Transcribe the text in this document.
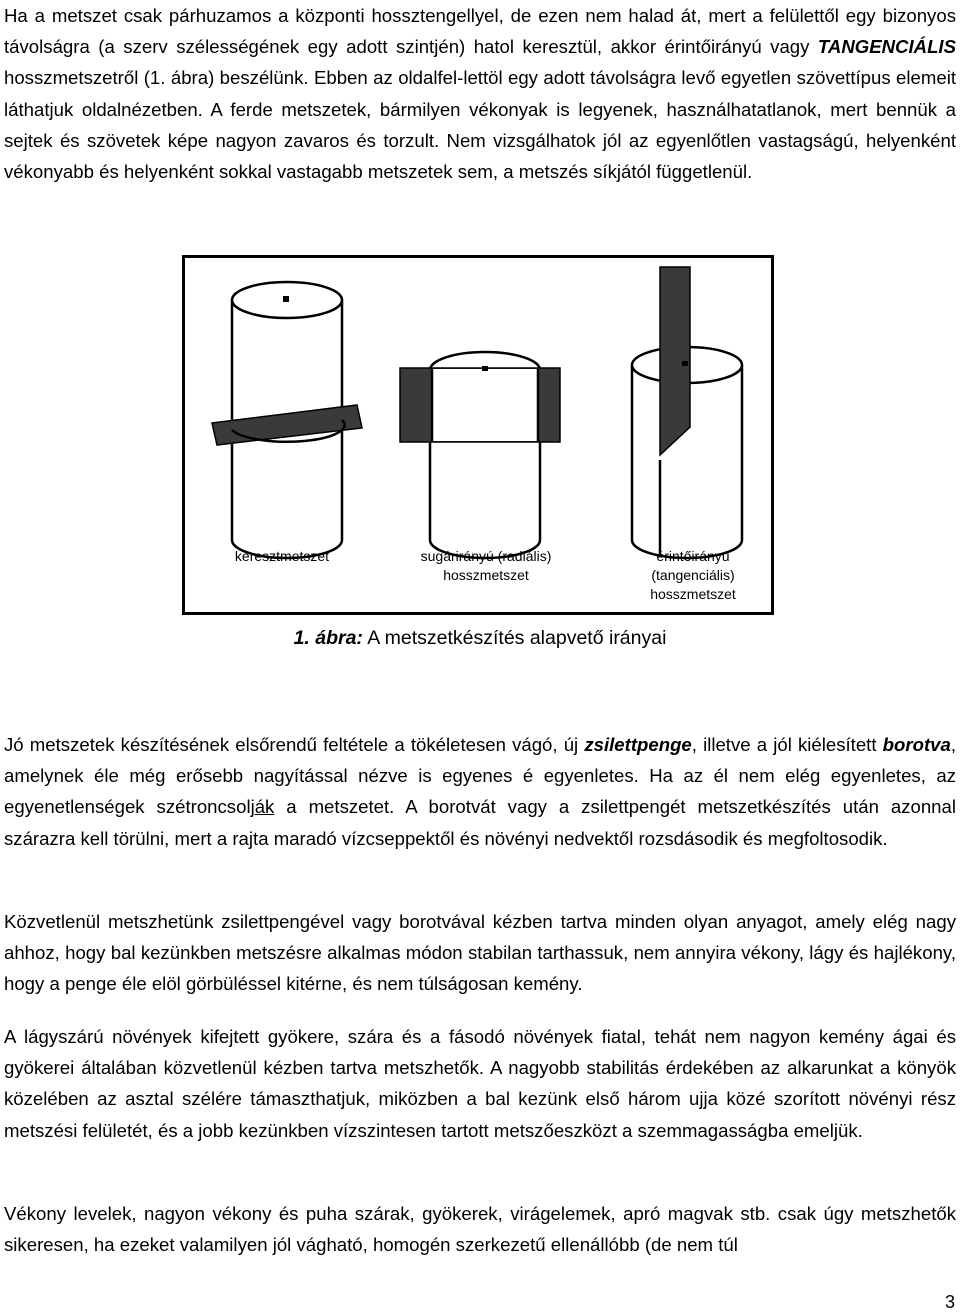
Ha a metszet csak párhuzamos a központi hossztengellyel, de ezen nem halad át, mert a felülettől egy bizonyos távolságra (a szerv szélességének egy adott szintjén) hatol keresztül, akkor érintőirányú vagy TANGENCIÁLIS hosszmetszetről (1. ábra) beszélünk. Ebben az oldalfel-lettöl egy adott távolságra levő egyetlen szövettípus elemeit láthatjuk oldalnézetben. A ferde metszetek, bármilyen vékonyak is legyenek, használhatatlanok, mert bennük a sejtek és szövetek képe nagyon zavaros és torzult. Nem vizsgálhatok jól az egyenlőtlen vastagságú, helyenként vékonyabb és helyenként sokkal vastagabb metszetek sem, a metszés síkjától függetlenül.

keresztmetszet	sugárirányú (radiális)
hosszmetszet
érintőirányú
(tangenciális)
hosszmetszet
1. ábra: A metszetkészítés alapvető irányai

Jó metszetek készítésének elsőrendű feltétele a tökéletesen vágó, új zsilettpenge, illetve a jól kiélesített borotva, amelynek éle még erősebb nagyítással nézve is egyenes é egyenletes. Ha az él nem elég egyenletes, az egyenetlenségek szétroncsolják a metszetet. A borotvát vagy a zsilettpengét metszetkészítés után azonnal szárazra kell törülni, mert a rajta maradó vízcseppektől és növényi nedvektől rozsdásodik és megfoltosodik.

Közvetlenül metszhetünk zsilettpengével vagy borotvával kézben tartva minden olyan anyagot, amely elég nagy ahhoz, hogy bal kezünkben metszésre alkalmas módon stabilan tarthassuk, nem annyira vékony, lágy és hajlékony, hogy a penge éle elöl görbüléssel kitérne, és nem túlságosan kemény.

A lágyszárú növények kifejtett gyökere, szára és a fásodó növények fiatal, tehát nem nagyon kemény ágai és gyökerei általában közvetlenül kézben tartva metszhetők. A nagyobb stabilitás érdekében az alkarunkat a könyök közelében az asztal szélére támaszthatjuk, miközben a bal kezünk első három ujja közé szorított növényi rész metszési felületét, és a jobb kezünkben vízszintesen tartott metszőeszközt a szemmagasságba emeljük.

Vékony levelek, nagyon vékony és puha szárak, gyökerek, virágelemek, apró magvak stb. csak úgy metszhetők sikeresen, ha ezeket valamilyen jól vágható, homogén szerkezetű ellenállóbb (de nem túl

3
